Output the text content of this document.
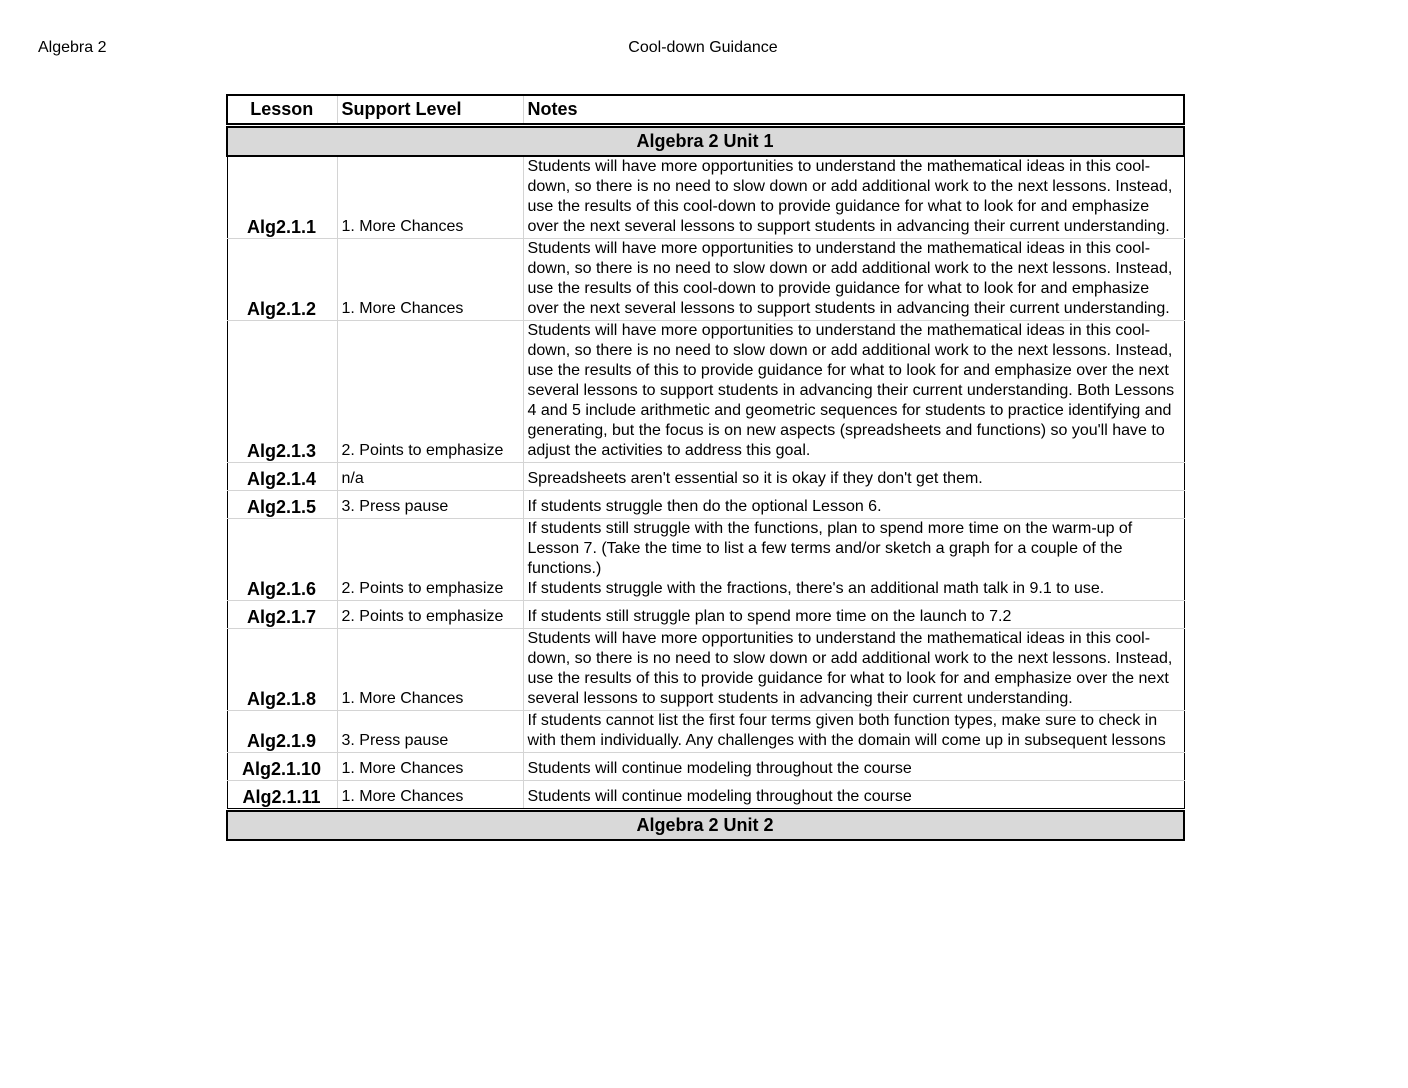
Algebra 2	Cool-down Guidance
Lesson	Support Level	Notes

Algebra 2 Unit 1		
Alg2.1.1	1. More Chances	Students will have more opportunities to understand the mathematical ideas in this cool-down, so there is no need to slow down or add additional work to the next lessons. Instead, use the results of this cool-down to provide guidance for what to look for and emphasize over the next several lessons to support students in advancing their current understanding.
Alg2.1.2	1. More Chances	Students will have more opportunities to understand the mathematical ideas in this cool-down, so there is no need to slow down or add additional work to the next lessons. Instead, use the results of this cool-down to provide guidance for what to look for and emphasize over the next several lessons to support students in advancing their current understanding.
Alg2.1.3	2. Points to emphasize	Students will have more opportunities to understand the mathematical ideas in this cool-down, so there is no need to slow down or add additional work to the next lessons. Instead, use the results of this to provide guidance for what to look for and emphasize over the next several lessons to support students in advancing their current understanding. Both Lessons 4 and 5 include arithmetic and geometric sequences for students to practice identifying and generating, but the focus is on new aspects (spreadsheets and functions) so you'll have to adjust the activities to address this goal.
Alg2.1.4	n/a	Spreadsheets aren't essential so it is okay if they don't get them.
Alg2.1.5	3. Press pause	If students struggle then do the optional Lesson 6.
Alg2.1.6	2. Points to emphasize	If students still struggle with the functions, plan to spend more time on the warm-up of Lesson 7. (Take the time to list a few terms and/or sketch a graph for a couple of the functions.)
If students struggle with the fractions, there's an additional math talk in 9.1 to use.

Alg2.1.7	2. Points to emphasize	If students still struggle plan to spend more time on the launch to 7.2
Alg2.1.8	1. More Chances	Students will have more opportunities to understand the mathematical ideas in this cool-down, so there is no need to slow down or add additional work to the next lessons. Instead, use the results of this to provide guidance for what to look for and emphasize over the next several lessons to support students in advancing their current understanding.
Alg2.1.9	3. Press pause	If students cannot list the first four terms given both function types, make sure to check in with them individually. Any challenges with the domain will come up in subsequent lessons
Alg2.1.10	1. More Chances	Students will continue modeling throughout the course
Alg2.1.11	1. More Chances	Students will continue modeling throughout the course

Algebra 2 Unit 2		
